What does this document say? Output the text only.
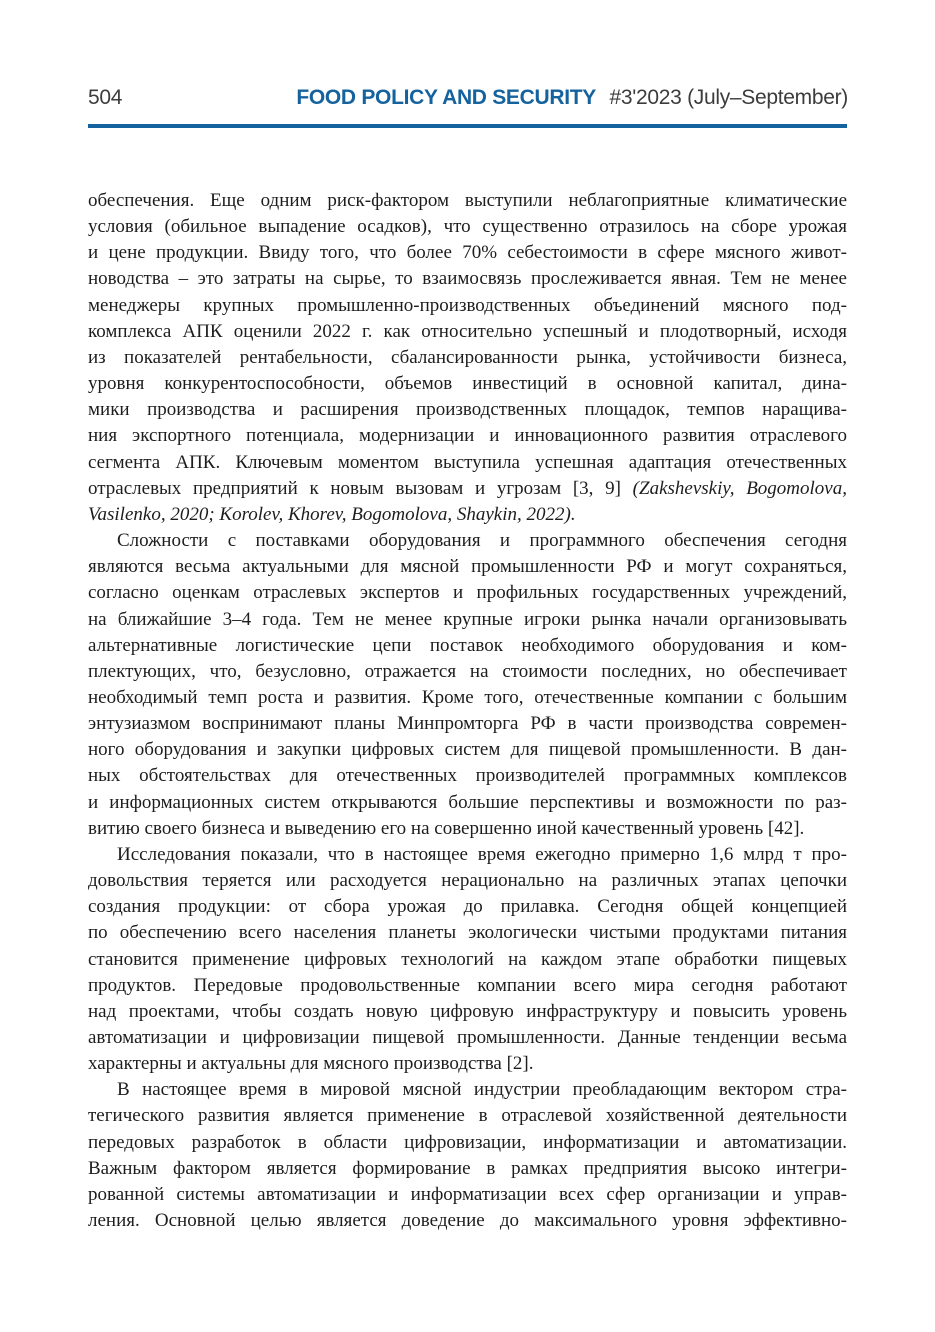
504	FOOD POLICY AND SECURITY #3'2023 (July–September)
обеспечения. Еще одним риск-фактором выступили неблагоприятные климатические
условия (обильное выпадение осадков), что существенно отразилось на сборе урожая
и цене продукции. Ввиду того, что более 70% себестоимости в сфере мясного живот-
новодства – это затраты на сырье, то взаимосвязь прослеживается явная. Тем не менее
менеджеры крупных промышленно-производственных объединений мясного под-
комплекса АПК оценили 2022 г. как относительно успешный и плодотворный, исходя
из показателей рентабельности, сбалансированности рынка, устойчивости бизнеса,
уровня конкурентоспособности, объемов инвестиций в основной капитал, дина-
мики производства и расширения производственных площадок, темпов наращива-
ния экспортного потенциала, модернизации и инновационного развития отраслевого
сегмента АПК. Ключевым моментом выступила успешная адаптация отечественных
отраслевых предприятий к новым вызовам и угрозам [3, 9] (Zakshevskiy, Bogomolova,
Vasilenko, 2020; Korolev, Khorev, Bogomolova, Shaykin, 2022).
Сложности с поставками оборудования и программного обеспечения сегодня
являются весьма актуальными для мясной промышленности РФ и могут сохраняться,
согласно оценкам отраслевых экспертов и профильных государственных учреждений,
на ближайшие 3–4 года. Тем не менее крупные игроки рынка начали организовывать
альтернативные логистические цепи поставок необходимого оборудования и ком-
плектующих, что, безусловно, отражается на стоимости последних, но обеспечивает
необходимый темп роста и развития. Кроме того, отечественные компании с большим
энтузиазмом воспринимают планы Минпромторга РФ в части производства современ-
ного оборудования и закупки цифровых систем для пищевой промышленности. В дан-
ных обстоятельствах для отечественных производителей программных комплексов
и информационных систем открываются большие перспективы и возможности по раз-
витию своего бизнеса и выведению его на совершенно иной качественный уровень [42].
Исследования показали, что в настоящее время ежегодно примерно 1,6 млрд т про-
довольствия теряется или расходуется нерационально на различных этапах цепочки
создания продукции: от сбора урожая до прилавка. Сегодня общей концепцией
по обеспечению всего населения планеты экологически чистыми продуктами питания
становится применение цифровых технологий на каждом этапе обработки пищевых
продуктов. Передовые продовольственные компании всего мира сегодня работают
над проектами, чтобы создать новую цифровую инфраструктуру и повысить уровень
автоматизации и цифровизации пищевой промышленности. Данные тенденции весьма
характерны и актуальны для мясного производства [2].
В настоящее время в мировой мясной индустрии преобладающим вектором стра-
тегического развития является применение в отраслевой хозяйственной деятельности
передовых разработок в области цифровизации, информатизации и автоматизации.
Важным фактором является формирование в рамках предприятия высоко интегри-
рованной системы автоматизации и информатизации всех сфер организации и управ-
ления. Основной целью является доведение до максимального уровня эффективно-
